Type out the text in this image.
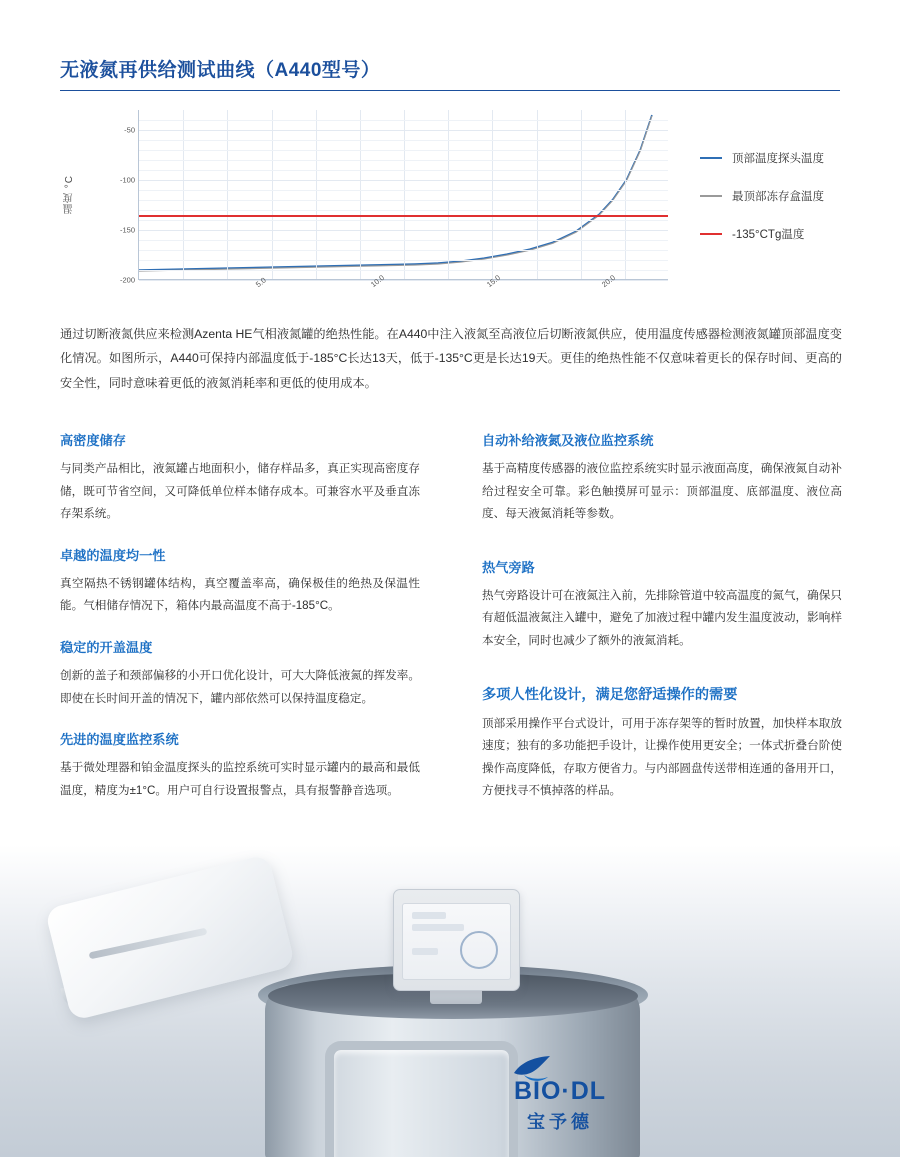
无液氮再供给测试曲线（A440型号）
温度 °C
-50
-100
-150
-200	5.0	10.0	15.0	20.0
顶部温度探头温度
最顶部冻存盒温度
-135°CTg温度
通过切断液氮供应来检测Azenta HE气相液氮罐的绝热性能。在A440中注入液氮至高液位后切断液氮供应，使用温度传感器检测液氮罐顶部温度变化情况。如图所示，A440可保持内部温度低于-185°C长达13天，低于-135°C更是长达19天。更佳的绝热性能不仅意味着更长的保存时间、更高的安全性，同时意味着更低的液氮消耗率和更低的使用成本。
高密度储存
与同类产品相比，液氮罐占地面积小，储存样品多，真正实现高密度存储，既可节省空间，又可降低单位样本储存成本。可兼容水平及垂直冻存架系统。
卓越的温度均一性
真空隔热不锈钢罐体结构，真空覆盖率高，确保极佳的绝热及保温性能。气相储存情况下，箱体内最高温度不高于-185°C。
稳定的开盖温度
创新的盖子和颈部偏移的小开口优化设计，可大大降低液氮的挥发率。即使在长时间开盖的情况下，罐内部依然可以保持温度稳定。
先进的温度监控系统
基于微处理器和铂金温度探头的监控系统可实时显示罐内的最高和最低温度，精度为±1°C。用户可自行设置报警点，具有报警静音选项。
自动补给液氮及液位监控系统
基于高精度传感器的液位监控系统实时显示液面高度，确保液氮自动补给过程安全可靠。彩色触摸屏可显示：顶部温度、底部温度、液位高度、每天液氮消耗等参数。
热气旁路
热气旁路设计可在液氮注入前，先排除管道中较高温度的氮气，确保只有超低温液氮注入罐中，避免了加液过程中罐内发生温度波动，影响样本安全，同时也减少了额外的液氮消耗。
多项人性化设计，满足您舒适操作的需要
顶部采用操作平台式设计，可用于冻存架等的暂时放置，加快样本取放速度；独有的多功能把手设计，让操作使用更安全；一体式折叠台阶使操作高度降低，存取方便省力。与内部圆盘传送带相连通的备用开口，方便找寻不慎掉落的样品。
BIO·DL
宝予德
